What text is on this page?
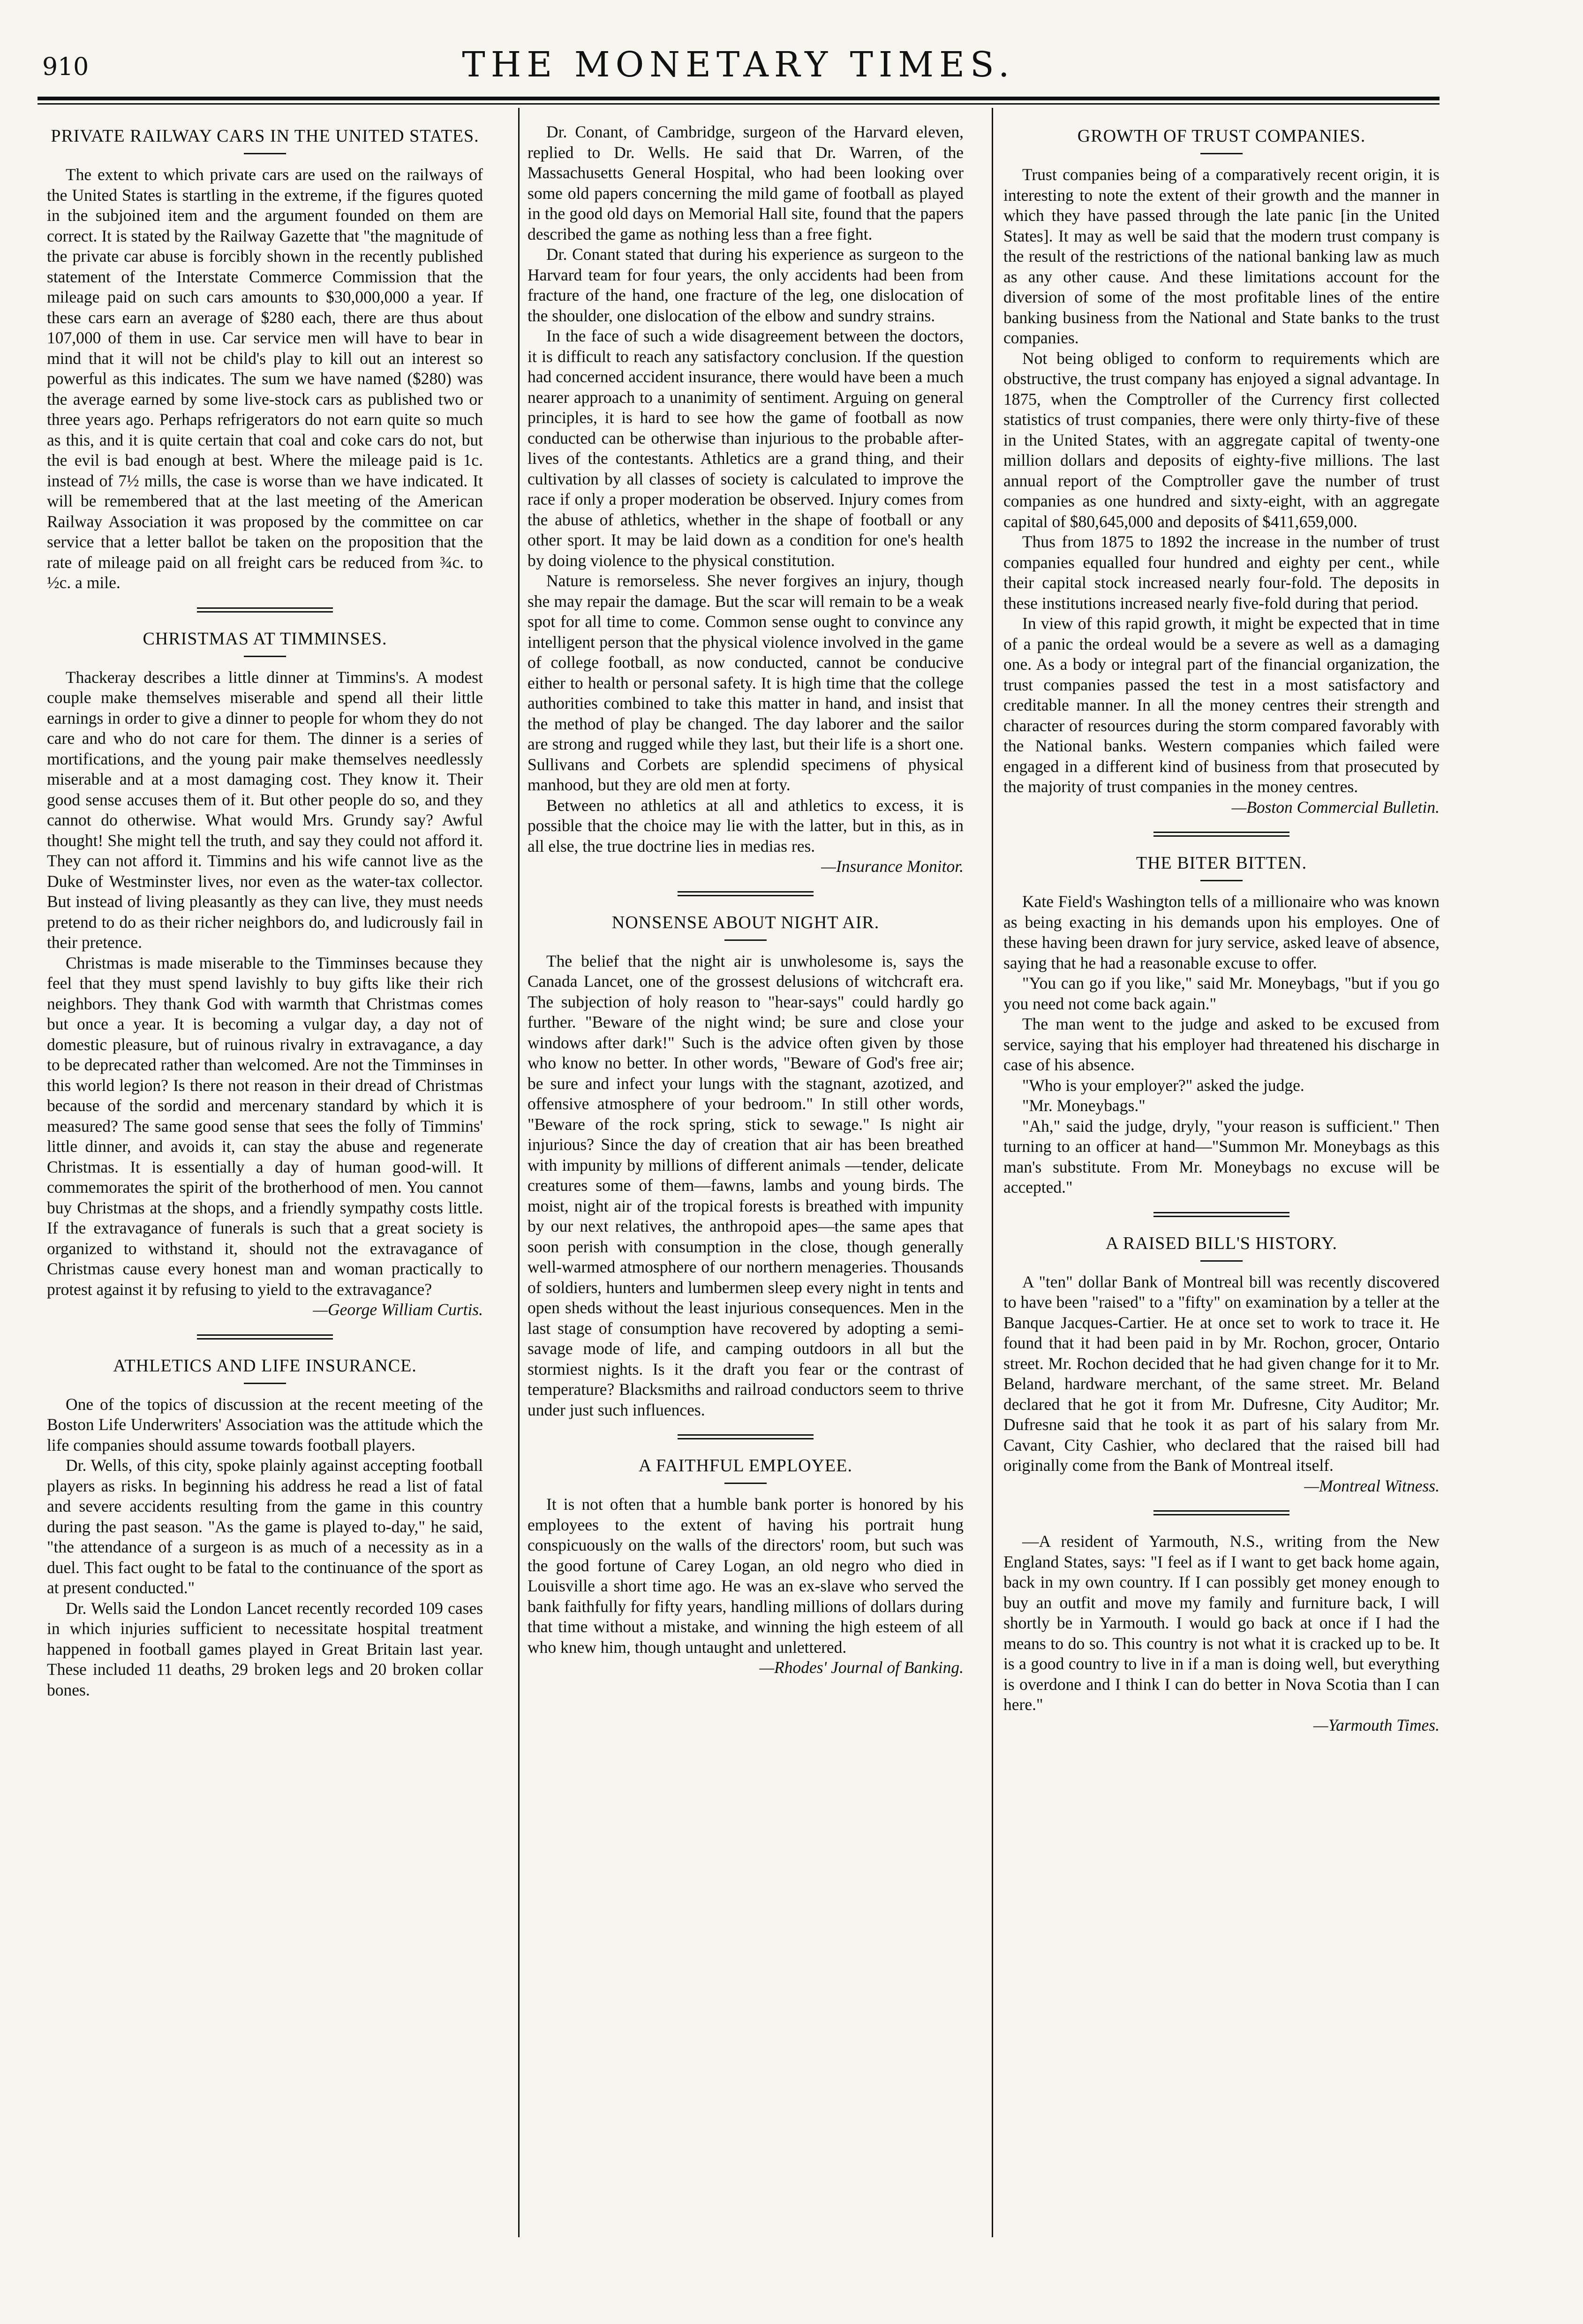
910	THE MONETARY TIMES.
PRIVATE RAILWAY CARS IN THE UNITED STATES.

The extent to which private cars are used on the railways of the United States is startling in the extreme, if the figures quoted in the subjoined item and the argument founded on them are correct. It is stated by the Railway Gazette that "the magnitude of the private car abuse is forcibly shown in the recently published statement of the Interstate Commerce Commission that the mileage paid on such cars amounts to $30,000,000 a year. If these cars earn an average of $280 each, there are thus about 107,000 of them in use. Car service men will have to bear in mind that it will not be child's play to kill out an interest so powerful as this indicates. The sum we have named ($280) was the average earned by some live-stock cars as published two or three years ago. Perhaps refrigerators do not earn quite so much as this, and it is quite certain that coal and coke cars do not, but the evil is bad enough at best. Where the mileage paid is 1c. instead of 7½ mills, the case is worse than we have indicated. It will be remembered that at the last meeting of the American Railway Association it was proposed by the committee on car service that a letter ballot be taken on the proposition that the rate of mileage paid on all freight cars be reduced from ¾c. to ½c. a mile.

CHRISTMAS AT TIMMINSES.

Thackeray describes a little dinner at Timmins's. A modest couple make themselves miserable and spend all their little earnings in order to give a dinner to people for whom they do not care and who do not care for them. The dinner is a series of mortifications, and the young pair make themselves needlessly miserable and at a most damaging cost. They know it. Their good sense accuses them of it. But other people do so, and they cannot do otherwise. What would Mrs. Grundy say? Awful thought! She might tell the truth, and say they could not afford it. They can not afford it. Timmins and his wife cannot live as the Duke of Westminster lives, nor even as the water-tax collector. But instead of living pleasantly as they can live, they must needs pretend to do as their richer neighbors do, and ludicrously fail in their pretence.

Christmas is made miserable to the Timminses because they feel that they must spend lavishly to buy gifts like their rich neighbors. They thank God with warmth that Christmas comes but once a year. It is becoming a vulgar day, a day not of domestic pleasure, but of ruinous rivalry in extravagance, a day to be deprecated rather than welcomed. Are not the Timminses in this world legion? Is there not reason in their dread of Christmas because of the sordid and mercenary standard by which it is measured? The same good sense that sees the folly of Timmins' little dinner, and avoids it, can stay the abuse and regenerate Christmas. It is essentially a day of human good-will. It commemorates the spirit of the brotherhood of men. You cannot buy Christmas at the shops, and a friendly sympathy costs little. If the extravagance of funerals is such that a great society is organized to withstand it, should not the extravagance of Christmas cause every honest man and woman practically to protest against it by refusing to yield to the extravagance?

—George William Curtis.

ATHLETICS AND LIFE INSURANCE.

One of the topics of discussion at the recent meeting of the Boston Life Underwriters' Association was the attitude which the life companies should assume towards football players.

Dr. Wells, of this city, spoke plainly against accepting football players as risks. In beginning his address he read a list of fatal and severe accidents resulting from the game in this country during the past season. "As the game is played to-day," he said, "the attendance of a surgeon is as much of a necessity as in a duel. This fact ought to be fatal to the continuance of the sport as at present conducted."

Dr. Wells said the London Lancet recently recorded 109 cases in which injuries sufficient to necessitate hospital treatment happened in football games played in Great Britain last year. These included 11 deaths, 29 broken legs and 20 broken collar bones.

Dr. Conant, of Cambridge, surgeon of the Harvard eleven, replied to Dr. Wells. He said that Dr. Warren, of the Massachusetts General Hospital, who had been looking over some old papers concerning the mild game of football as played in the good old days on Memorial Hall site, found that the papers described the game as nothing less than a free fight.

Dr. Conant stated that during his experience as surgeon to the Harvard team for four years, the only accidents had been from fracture of the hand, one fracture of the leg, one dislocation of the shoulder, one dislocation of the elbow and sundry strains.

In the face of such a wide disagreement between the doctors, it is difficult to reach any satisfactory conclusion. If the question had concerned accident insurance, there would have been a much nearer approach to a unanimity of sentiment. Arguing on general principles, it is hard to see how the game of football as now conducted can be otherwise than injurious to the probable after-lives of the contestants. Athletics are a grand thing, and their cultivation by all classes of society is calculated to improve the race if only a proper moderation be observed. Injury comes from the abuse of athletics, whether in the shape of football or any other sport. It may be laid down as a condition for one's health by doing violence to the physical constitution.

Nature is remorseless. She never forgives an injury, though she may repair the damage. But the scar will remain to be a weak spot for all time to come. Common sense ought to convince any intelligent person that the physical violence involved in the game of college football, as now conducted, cannot be conducive either to health or personal safety. It is high time that the college authorities combined to take this matter in hand, and insist that the method of play be changed. The day laborer and the sailor are strong and rugged while they last, but their life is a short one. Sullivans and Corbets are splendid specimens of physical manhood, but they are old men at forty.

Between no athletics at all and athletics to excess, it is possible that the choice may lie with the latter, but in this, as in all else, the true doctrine lies in medias res.

—Insurance Monitor.

NONSENSE ABOUT NIGHT AIR.

The belief that the night air is unwholesome is, says the Canada Lancet, one of the grossest delusions of witchcraft era. The subjection of holy reason to "hear-says" could hardly go further. "Beware of the night wind; be sure and close your windows after dark!" Such is the advice often given by those who know no better. In other words, "Beware of God's free air; be sure and infect your lungs with the stagnant, azotized, and offensive atmosphere of your bedroom." In still other words, "Beware of the rock spring, stick to sewage." Is night air injurious? Since the day of creation that air has been breathed with impunity by millions of different animals —tender, delicate creatures some of them—fawns, lambs and young birds. The moist, night air of the tropical forests is breathed with impunity by our next relatives, the anthropoid apes—the same apes that soon perish with consumption in the close, though generally well-warmed atmosphere of our northern menageries. Thousands of soldiers, hunters and lumbermen sleep every night in tents and open sheds without the least injurious consequences. Men in the last stage of consumption have recovered by adopting a semi-savage mode of life, and camping outdoors in all but the stormiest nights. Is it the draft you fear or the contrast of temperature? Blacksmiths and railroad conductors seem to thrive under just such influences.

A FAITHFUL EMPLOYEE.

It is not often that a humble bank porter is honored by his employees to the extent of having his portrait hung conspicuously on the walls of the directors' room, but such was the good fortune of Carey Logan, an old negro who died in Louisville a short time ago. He was an ex-slave who served the bank faithfully for fifty years, handling millions of dollars during that time without a mistake, and winning the high esteem of all who knew him, though untaught and unlettered.

—Rhodes' Journal of Banking.

GROWTH OF TRUST COMPANIES.

Trust companies being of a comparatively recent origin, it is interesting to note the extent of their growth and the manner in which they have passed through the late panic [in the United States]. It may as well be said that the modern trust company is the result of the restrictions of the national banking law as much as any other cause. And these limitations account for the diversion of some of the most profitable lines of the entire banking business from the National and State banks to the trust companies.

Not being obliged to conform to requirements which are obstructive, the trust company has enjoyed a signal advantage. In 1875, when the Comptroller of the Currency first collected statistics of trust companies, there were only thirty-five of these in the United States, with an aggregate capital of twenty-one million dollars and deposits of eighty-five millions. The last annual report of the Comptroller gave the number of trust companies as one hundred and sixty-eight, with an aggregate capital of $80,645,000 and deposits of $411,659,000.

Thus from 1875 to 1892 the increase in the number of trust companies equalled four hundred and eighty per cent., while their capital stock increased nearly four-fold. The deposits in these institutions increased nearly five-fold during that period.

In view of this rapid growth, it might be expected that in time of a panic the ordeal would be a severe as well as a damaging one. As a body or integral part of the financial organization, the trust companies passed the test in a most satisfactory and creditable manner. In all the money centres their strength and character of resources during the storm compared favorably with the National banks. Western companies which failed were engaged in a different kind of business from that prosecuted by the majority of trust companies in the money centres.

—Boston Commercial Bulletin.

THE BITER BITTEN.

Kate Field's Washington tells of a millionaire who was known as being exacting in his demands upon his employes. One of these having been drawn for jury service, asked leave of absence, saying that he had a reasonable excuse to offer.

"You can go if you like," said Mr. Moneybags, "but if you go you need not come back again."

The man went to the judge and asked to be excused from service, saying that his employer had threatened his discharge in case of his absence.

"Who is your employer?" asked the judge.

"Mr. Moneybags."

"Ah," said the judge, dryly, "your reason is sufficient." Then turning to an officer at hand—"Summon Mr. Moneybags as this man's substitute. From Mr. Moneybags no excuse will be accepted."

A RAISED BILL'S HISTORY.

A "ten" dollar Bank of Montreal bill was recently discovered to have been "raised" to a "fifty" on examination by a teller at the Banque Jacques-Cartier. He at once set to work to trace it. He found that it had been paid in by Mr. Rochon, grocer, Ontario street. Mr. Rochon decided that he had given change for it to Mr. Beland, hardware merchant, of the same street. Mr. Beland declared that he got it from Mr. Dufresne, City Auditor; Mr. Dufresne said that he took it as part of his salary from Mr. Cavant, City Cashier, who declared that the raised bill had originally come from the Bank of Montreal itself.

—Montreal Witness.

—A resident of Yarmouth, N.S., writing from the New England States, says: "I feel as if I want to get back home again, back in my own country. If I can possibly get money enough to buy an outfit and move my family and furniture back, I will shortly be in Yarmouth. I would go back at once if I had the means to do so. This country is not what it is cracked up to be. It is a good country to live in if a man is doing well, but everything is overdone and I think I can do better in Nova Scotia than I can here."

—Yarmouth Times.
